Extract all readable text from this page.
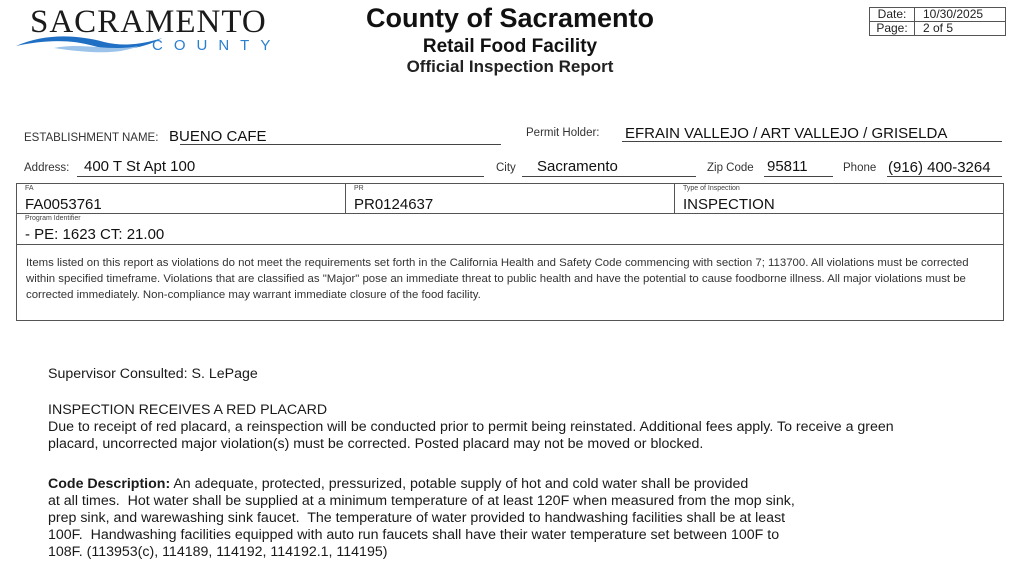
SACRAMENTO
COUNTY
County of Sacramento
Retail Food Facility
Official Inspection Report
Date:	10/30/2025
Page:	2 of 5
ESTABLISHMENT NAME: BUENO CAFE	Permit Holder: EFRAIN VALLEJO / ART VALLEJO / GRISELDA
Address: 400 T St Apt 100	City Sacramento	Zip Code 95811	Phone (916) 400-3264
FA
FA0053761
PR
PR0124637
Type of Inspection
INSPECTION
Program Identifier
- PE: 1623 CT: 21.00
Items listed on this report as violations do not meet the requirements set forth in the California Health and Safety Code commencing with section 7; 113700. All violations must be corrected within specified timeframe. Violations that are classified as "Major" pose an immediate threat to public health and have the potential to cause foodborne illness. All major violations must be corrected immediately. Non-compliance may warrant immediate closure of the food facility.
Supervisor Consulted: S. LePage
INSPECTION RECEIVES A RED PLACARD
Due to receipt of red placard, a reinspection will be conducted prior to permit being reinstated. Additional fees apply. To receive a green placard, uncorrected major violation(s) must be corrected. Posted placard may not be moved or blocked.
Code Description: An adequate, protected, pressurized, potable supply of hot and cold water shall be provided
at all times.  Hot water shall be supplied at a minimum temperature of at least 120F when measured from the mop sink,
prep sink, and warewashing sink faucet.  The temperature of water provided to handwashing facilities shall be at least
100F.  Handwashing facilities equipped with auto run faucets shall have their water temperature set between 100F to
108F. (113953(c), 114189, 114192, 114192.1, 114195)
